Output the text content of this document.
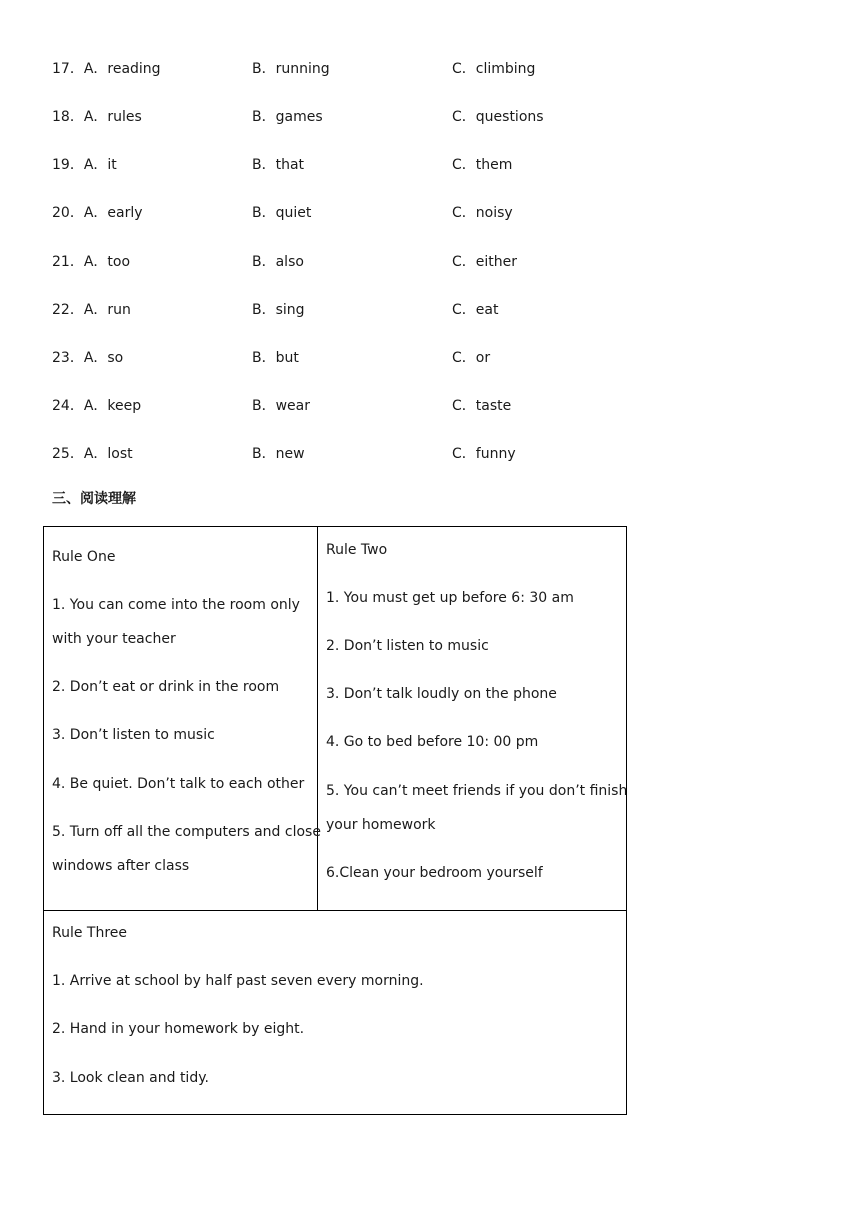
17．A．reading	B．running	C．climbing
18．A．rules	B．games	C．questions
19．A．it	B．that	C．them
20．A．early	B．quiet	C．noisy
21．A．too	B．also	C．either
22．A．run	B．sing	C．eat
23．A．so	B．but	C．or
24．A．keep	B．wear	C．taste
25．A．lost	B．new	C．funny
三、阅读理解
Rule One
1. You can come into the room only
with your teacher
2. Don’t eat or drink in the room
3. Don’t listen to music
4. Be quiet. Don’t talk to each other
5. Turn off all the computers and close
windows after class
Rule Two
1. You must get up before 6: 30 am
2. Don’t listen to music
3. Don’t talk loudly on the phone
4. Go to bed before 10: 00 pm
5. You can’t meet friends if you don’t finish
your homework
6.Clean your bedroom yourself
Rule Three
1. Arrive at school by half past seven every morning.
2. Hand in your homework by eight.
3. Look clean and tidy.
